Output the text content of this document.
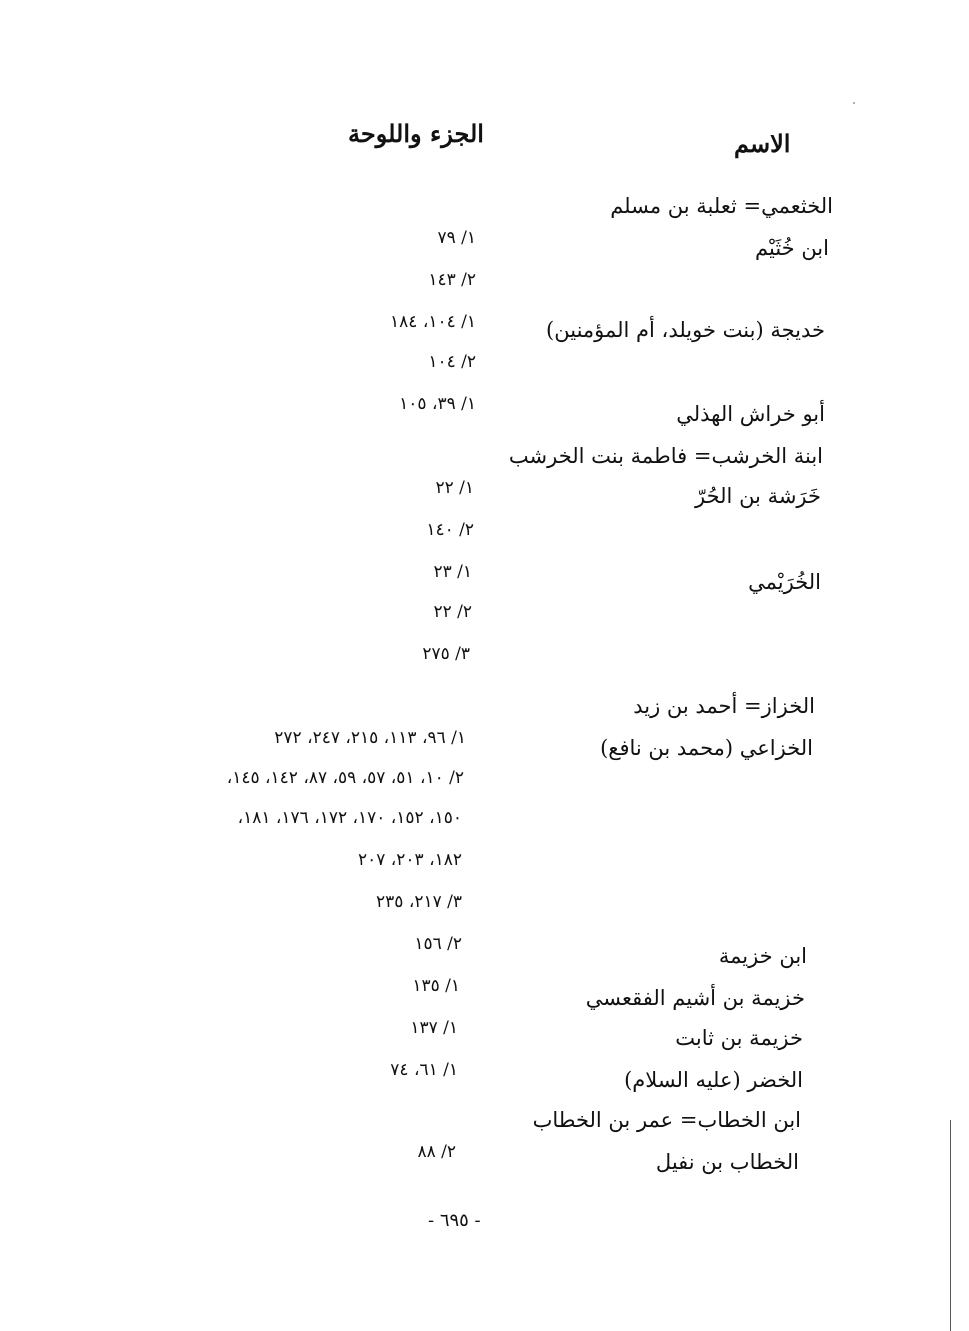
الاسم
الجزء واللوحة
الخثعمي= ثعلبة بن مسلم
ابن خُثَيْم
خديجة (بنت خويلد، أم المؤمنين)
أبو خراش الهذلي
ابنة الخرشب= فاطمة بنت الخرشب
خَرَشة بن الحُرّ
الخُرَيْمي
الخزاز= أحمد بن زيد
الخزاعي (محمد بن نافع)
ابن خزيمة
خزيمة بن أشيم الفقعسي
خزيمة بن ثابت
الخضر (عليه السلام)
ابن الخطاب= عمر بن الخطاب
الخطاب بن نفيل
١/ ٧٩
٢/ ١٤٣
١/ ١٠٤، ١٨٤
٢/ ١٠٤
١/ ٣٩، ١٠٥
١/ ٢٢
٢/ ١٤٠
١/ ٢٣
٢/ ٢٢
٣/ ٢٧٥
١/ ٩٦، ١١٣، ٢١٥، ٢٤٧، ٢٧٢
٢/ ١٠، ٥١، ٥٧، ٥٩، ٨٧، ١٤٢، ١٤٥،
١٥٠، ١٥٢، ١٧٠، ١٧٢، ١٧٦، ١٨١،
١٨٢، ٢٠٣، ٢٠٧
٣/ ٢١٧، ٢٣٥
٢/ ١٥٦
١/ ١٣٥
١/ ١٣٧
١/ ٦١، ٧٤
٢/ ٨٨
- ٦٩٥ -
